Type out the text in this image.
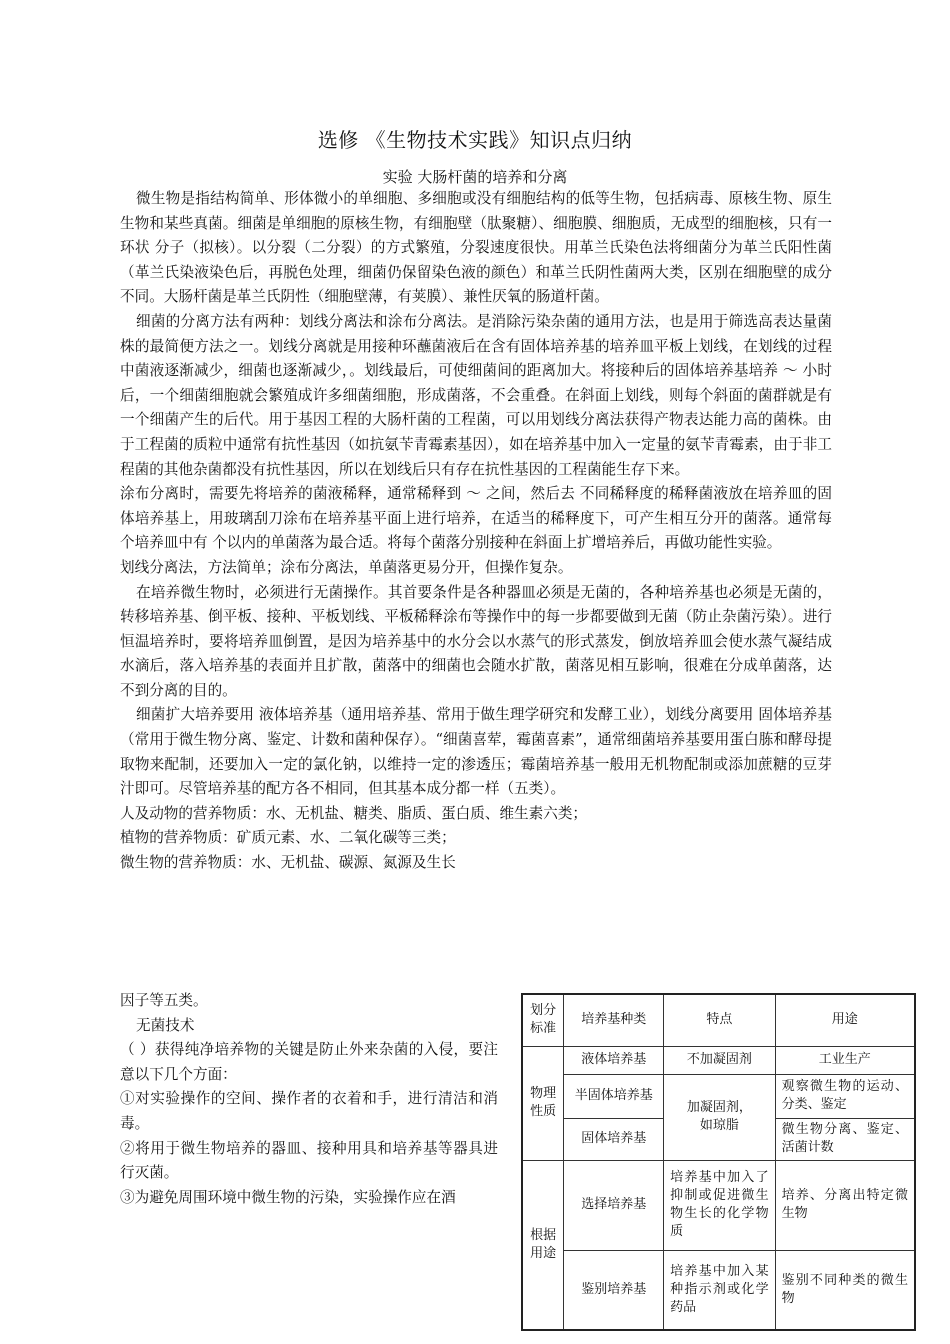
选修 《生物技术实践》知识点归纳
实验 大肠杆菌的培养和分离

微生物是指结构简单、形体微小的单细胞、多细胞或没有细胞结构的低等生物，包括病毒、原核生物、原生生物和某些真菌。细菌是单细胞的原核生物，有细胞壁（肽聚糖）、细胞膜、细胞质，无成型的细胞核，只有一环状 分子（拟核）。以分裂（二分裂）的方式繁殖，分裂速度很快。用革兰氏染色法将细菌分为革兰氏阳性菌（革兰氏染液染色后，再脱色处理，细菌仍保留染色液的颜色）和革兰氏阴性菌两大类，区别在细胞壁的成分不同。大肠杆菌是革兰氏阴性（细胞壁薄，有荚膜）、兼性厌氧的肠道杆菌。

细菌的分离方法有两种：划线分离法和涂布分离法。是消除污染杂菌的通用方法，也是用于筛选高表达量菌株的最简便方法之一。划线分离就是用接种环蘸菌液后在含有固体培养基的培养皿平板上划线，在划线的过程中菌液逐渐减少，细菌也逐渐减少，。划线最后，可使细菌间的距离加大。将接种后的固体培养基培养 ～ 小时后，一个细菌细胞就会繁殖成许多细菌细胞，形成菌落，不会重叠。在斜面上划线，则每个斜面的菌群就是有一个细菌产生的后代。用于基因工程的大肠杆菌的工程菌，可以用划线分离法获得产物表达能力高的菌株。由于工程菌的质粒中通常有抗性基因（如抗氨苄青霉素基因），如在培养基中加入一定量的氨苄青霉素，由于非工程菌的其他杂菌都没有抗性基因，所以在划线后只有存在抗性基因的工程菌能生存下来。

涂布分离时，需要先将培养的菌液稀释，通常稀释到 ～ 之间，然后去 不同稀释度的稀释菌液放在培养皿的固体培养基上，用玻璃刮刀涂布在培养基平面上进行培养，在适当的稀释度下，可产生相互分开的菌落。通常每个培养皿中有 个以内的单菌落为最合适。将每个菌落分别接种在斜面上扩增培养后，再做功能性实验。

划线分离法，方法简单；涂布分离法，单菌落更易分开，但操作复杂。

在培养微生物时，必须进行无菌操作。其首要条件是各种器皿必须是无菌的，各种培养基也必须是无菌的，转移培养基、倒平板、接种、平板划线、平板稀释涂布等操作中的每一步都要做到无菌（防止杂菌污染）。进行恒温培养时，要将培养皿倒置，是因为培养基中的水分会以水蒸气的形式蒸发，倒放培养皿会使水蒸气凝结成水滴后，落入培养基的表面并且扩散，菌落中的细菌也会随水扩散，菌落见相互影响，很难在分成单菌落，达不到分离的目的。

细菌扩大培养要用 液体培养基（通用培养基、常用于做生理学研究和发酵工业），划线分离要用 固体培养基（常用于微生物分离、鉴定、计数和菌种保存）。“细菌喜荤，霉菌喜素”，通常细菌培养基要用蛋白胨和酵母提取物来配制，还要加入一定的氯化钠，以维持一定的渗透压；霉菌培养基一般用无机物配制或添加蔗糖的豆芽汁即可。尽管培养基的配方各不相同，但其基本成分都一样（五类）。

人及动物的营养物质：水、无机盐、糖类、脂质、蛋白质、维生素六类；

植物的营养物质：矿质元素、水、二氧化碳等三类；

微生物的营养物质：水、无机盐、碳源、氮源及生长

因子等五类。

无菌技术

（ ）获得纯净培养物的关键是防止外来杂菌的入侵，要注意以下几个方面：

①对实验操作的空间、操作者的衣着和手，进行清洁和消毒。

②将用于微生物培养的器皿、接种用具和培养基等器具进行灭菌。

③为避免周围环境中微生物的污染，实验操作应在酒

划分标准	培养基种类	特点	用途
物理性质	液体培养基	不加凝固剂	工业生产
	半固体培养基	加凝固剂，如琼脂	观察微生物的运动、分类、鉴定
	固体培养基		微生物分离、鉴定、活菌计数
根据用途	选择培养基	培养基中加入了抑制或促进微生物生长的化学物质	培养、分离出特定微生物
	鉴别培养基	培养基中加入某种指示剂或化学药品	鉴别不同种类的微生物
